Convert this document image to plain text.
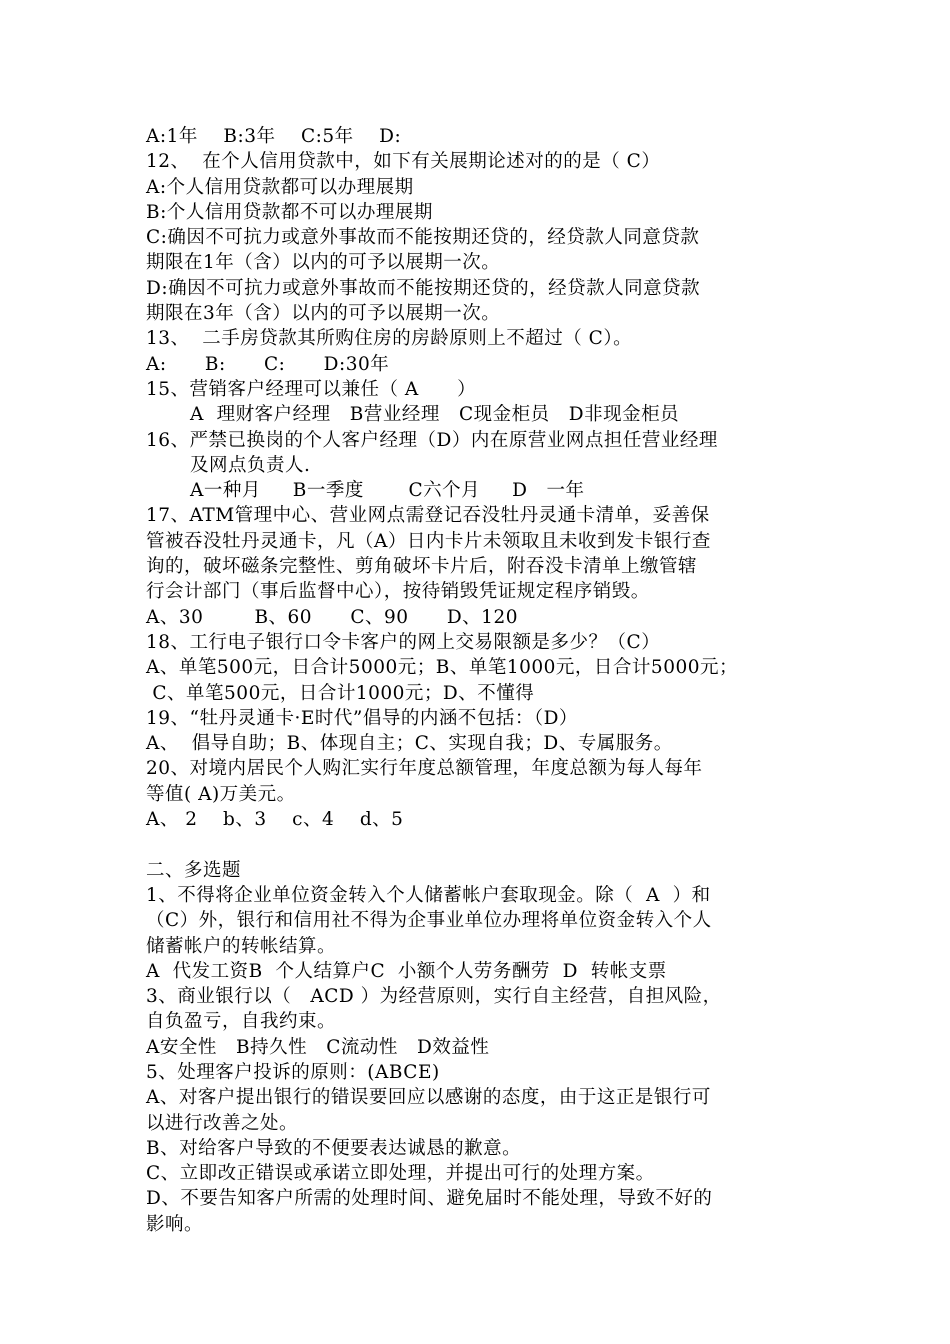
A:1年    B:3年    C:5年    D:
12、  在个人信用贷款中，如下有关展期论述对的的是（ C）
A:个人信用贷款都可以办理展期
B:个人信用贷款都不可以办理展期
C:确因不可抗力或意外事故而不能按期还贷的，经贷款人同意贷款
期限在1年（含）以内的可予以展期一次。
D:确因不可抗力或意外事故而不能按期还贷的，经贷款人同意贷款
期限在3年（含）以内的可予以展期一次。
13、  二手房贷款其所购住房的房龄原则上不超过（ C）。
A:      B:      C:      D:30年
15、营销客户经理可以兼任（ A      ）
A  理财客户经理   B营业经理   C现金柜员   D非现金柜员
16、严禁已换岗的个人客户经理（D）内在原营业网点担任营业经理
及网点负责人.
A一种月     B一季度       C六个月     D   一年
17、ATM管理中心、营业网点需登记吞没牡丹灵通卡清单，妥善保
管被吞没牡丹灵通卡，凡（A）日内卡片未领取且未收到发卡银行查
询的，破坏磁条完整性、剪角破坏卡片后，附吞没卡清单上缴管辖
行会计部门（事后监督中心），按待销毁凭证规定程序销毁。
A、30        B、60      C、90      D、120
18、工行电子银行口令卡客户的网上交易限额是多少？（C）
A、单笔500元，日合计5000元；B、单笔1000元，日合计5000元；
C、单笔500元，日合计1000元；D、不懂得
19、“牡丹灵通卡·E时代”倡导的内涵不包括：（D）
A、  倡导自助；B、体现自主；C、实现自我；D、专属服务。
20、对境内居民个人购汇实行年度总额管理，年度总额为每人每年
等值( A)万美元。
A、 2    b、3    c、4    d、5
二、多选题
1、不得将企业单位资金转入个人储蓄帐户套取现金。除（  A  ）和
（C）外，银行和信用社不得为企事业单位办理将单位资金转入个人
储蓄帐户的转帐结算。
A  代发工资B  个人结算户C  小额个人劳务酬劳  D  转帐支票
3、商业银行以（   ACD ）为经营原则，实行自主经营，自担风险，
自负盈亏，自我约束。
A安全性   B持久性   C流动性   D效益性
5、处理客户投诉的原则：(ABCE)
A、对客户提出银行的错误要回应以感谢的态度，由于这正是银行可
以进行改善之处。
B、对给客户导致的不便要表达诚恳的歉意。
C、立即改正错误或承诺立即处理，并提出可行的处理方案。
D、不要告知客户所需的处理时间、避免届时不能处理，导致不好的
影响。
